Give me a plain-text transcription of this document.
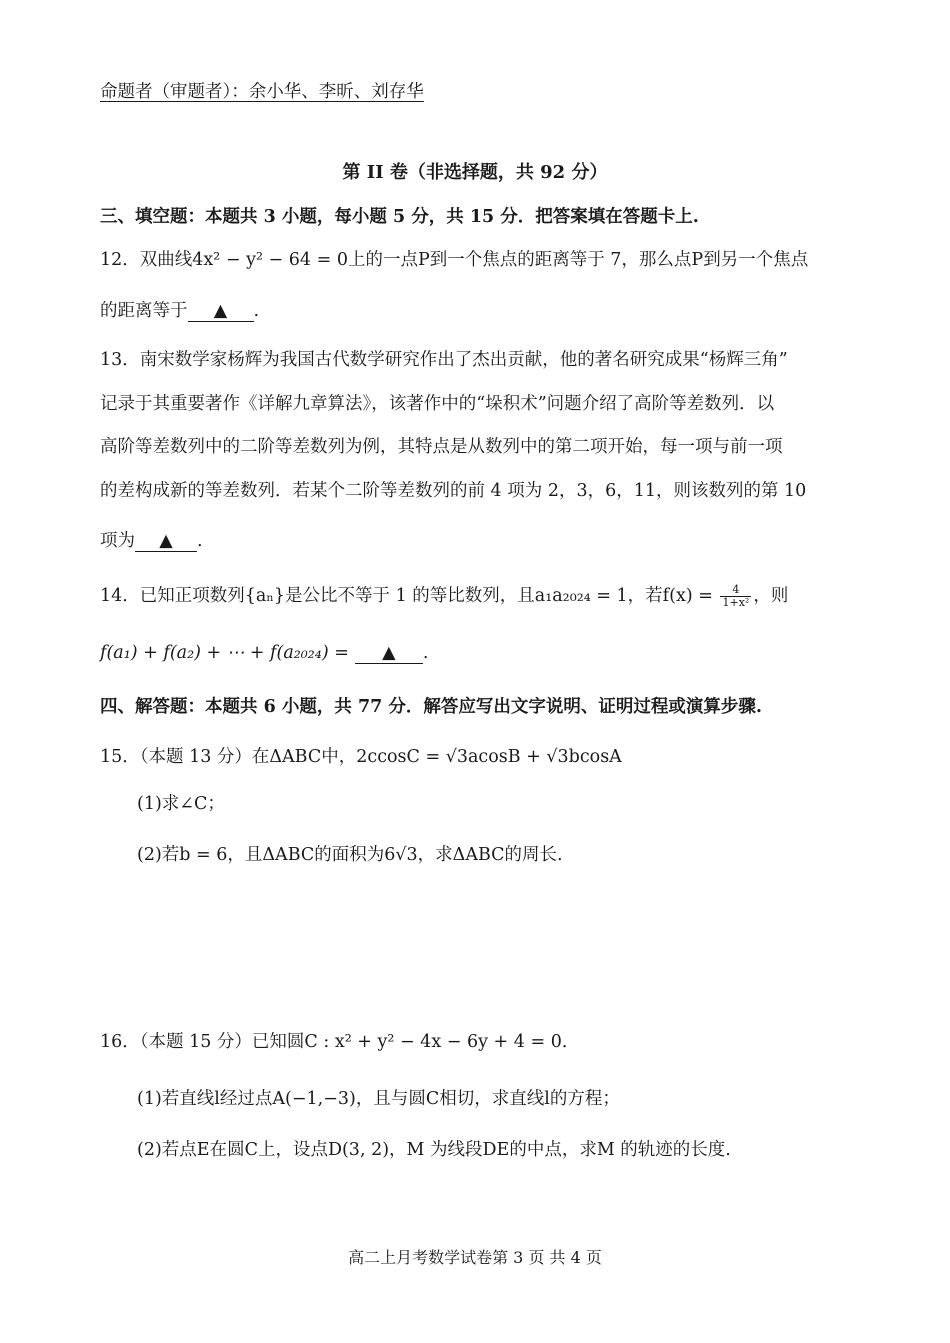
命题者（审题者）：余小华、李昕、刘存华
第 II 卷（非选择题，共 92 分）
三、填空题：本题共 3 小题，每小题 5 分，共 15 分．把答案填在答题卡上.
12．双曲线4x² − y² − 64 = 0上的一点P到一个焦点的距离等于 7，那么点P到另一个焦点
的距离等于 ▲ .
13．南宋数学家杨辉为我国古代数学研究作出了杰出贡献，他的著名研究成果“杨辉三角”
记录于其重要著作《详解九章算法》，该著作中的“垛积术”问题介绍了高阶等差数列．以
高阶等差数列中的二阶等差数列为例，其特点是从数列中的第二项开始，每一项与前一项
的差构成新的等差数列．若某个二阶等差数列的前 4 项为 2，3，6，11，则该数列的第 10
项为 ▲ .
14．已知正项数列{aₙ}是公比不等于 1 的等比数列，且a₁a₂₀₂₄ = 1，若$f(x) = \frac{4}{\text{1+x²}}$ ，则
f(a₁) + f(a₂) + ⋯ + f(a₂₀₂₄) = ▲ .
四、解答题：本题共 6 小题，共 77 分．解答应写出文字说明、证明过程或演算步骤.
15．（本题 13 分）在ΔABC中，2ccosC = √3acosB + √3bcosA
(1)求∠C；
(2)若b = 6，且ΔABC的面积为6√3，求ΔABC的周长.
16．（本题 15 分）已知圆C : x² + y² − 4x − 6y + 4 = 0．
(1)若直线l经过点A(−1,−3)，且与圆C相切，求直线l的方程；
(2)若点E在圆C上，设点D(3, 2)，M 为线段DE的中点，求M 的轨迹的长度.
高二上月考数学试卷第 3 页 共 4 页
